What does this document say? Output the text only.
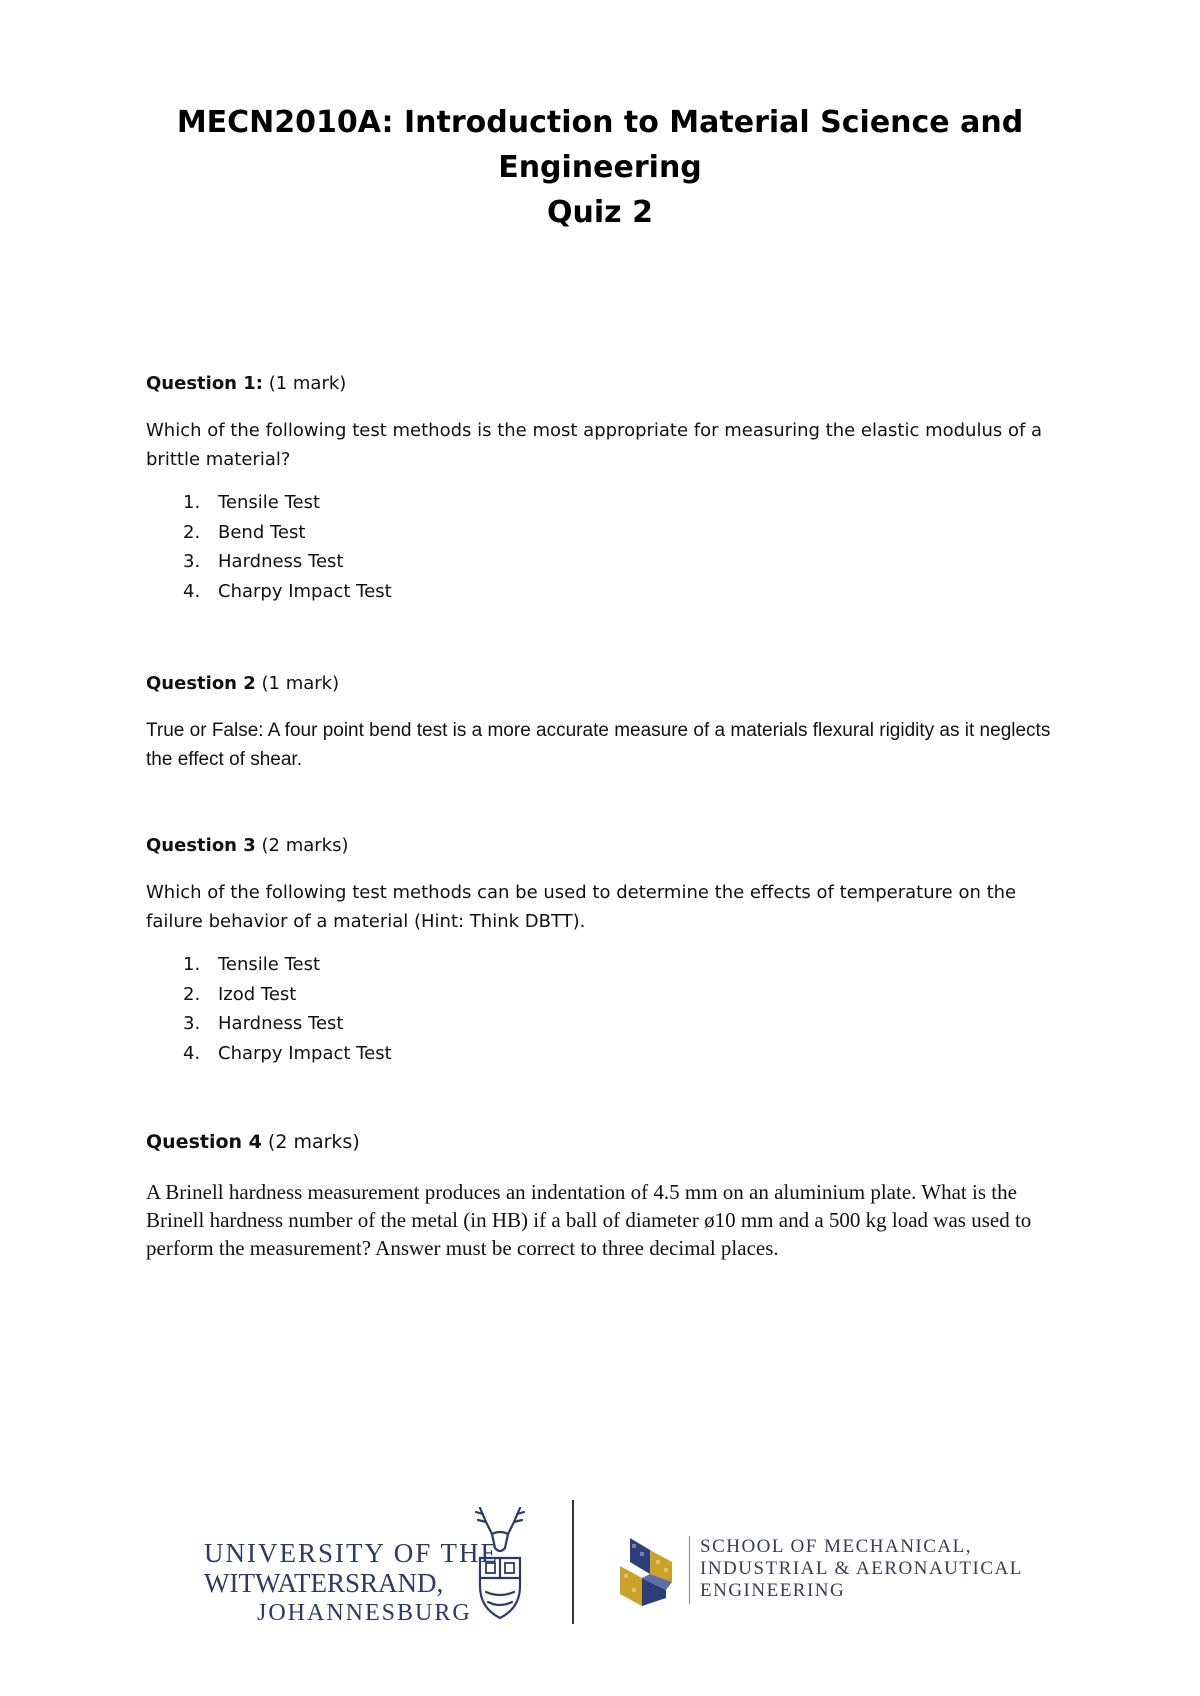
MECN2010A: Introduction to Material Science and
Engineering
Quiz 2
Question 1: (1 mark)
Which of the following test methods is the most appropriate for measuring the elastic modulus of a brittle material?
1. Tensile Test
2. Bend Test
3. Hardness Test
4. Charpy Impact Test
Question 2 (1 mark)
True or False: A four point bend test is a more accurate measure of a materials flexural rigidity as it neglects the effect of shear.
Question 3 (2 marks)
Which of the following test methods can be used to determine the effects of temperature on the failure behavior of a material (Hint: Think DBTT).
1. Tensile Test
2. Izod Test
3. Hardness Test
4. Charpy Impact Test
Question 4 (2 marks)
A Brinell hardness measurement produces an indentation of 4.5 mm on an aluminium plate. What is the Brinell hardness number of the metal (in HB) if a ball of diameter ø10 mm and a 500 kg load was used to perform the measurement? Answer must be correct to three decimal places.
UNIVERSITY OF THE
WITWATERSRAND,
JOHANNESBURG
SCHOOL OF MECHANICAL,
INDUSTRIAL & AERONAUTICAL
ENGINEERING
